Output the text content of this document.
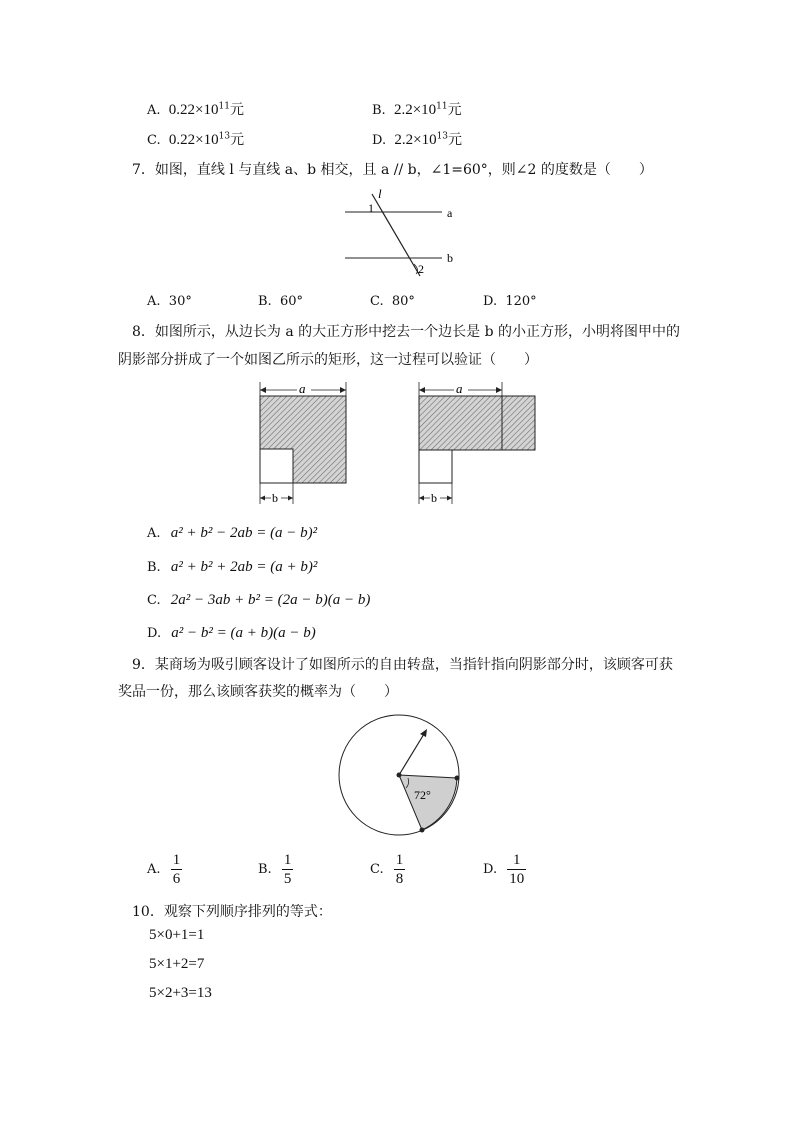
A. $0.22\times 10^{11}$元	B. $2.2\times 10^{11}$元
C. $0.22\times 10^{13}$元	D. $2.2\times 10^{13}$元
7．如图，直线 l 与直线 a、b 相交，且 a // b，∠1=60°，则∠2 的度数是（　　）
l
a
b
1
2
A. 30°	B. 60°	C. 80°	D. 120°
8．如图所示，从边长为 a 的大正方形中挖去一个边长是 b 的小正方形，小明将图甲中的
阴影部分拼成了一个如图乙所示的矩形，这一过程可以验证（　　）
a
b
a
b
A. a² + b² − 2ab = (a − b)²
B. a² + b² + 2ab = (a + b)²
C. 2a² − 3ab + b² = (2a − b)(a − b)
D. a² − b² = (a + b)(a − b)
9．某商场为吸引顾客设计了如图所示的自由转盘，当指针指向阴影部分时，该顾客可获
奖品一份，那么该顾客获奖的概率为（　　）
72°
A. $\frac{1}{6}$	B. $\frac{1}{5}$	C. $\frac{1}{8}$	D. $\frac{1}{10}$
10．观察下列顺序排列的等式：
5×0+1=1
5×1+2=7
5×2+3=13
